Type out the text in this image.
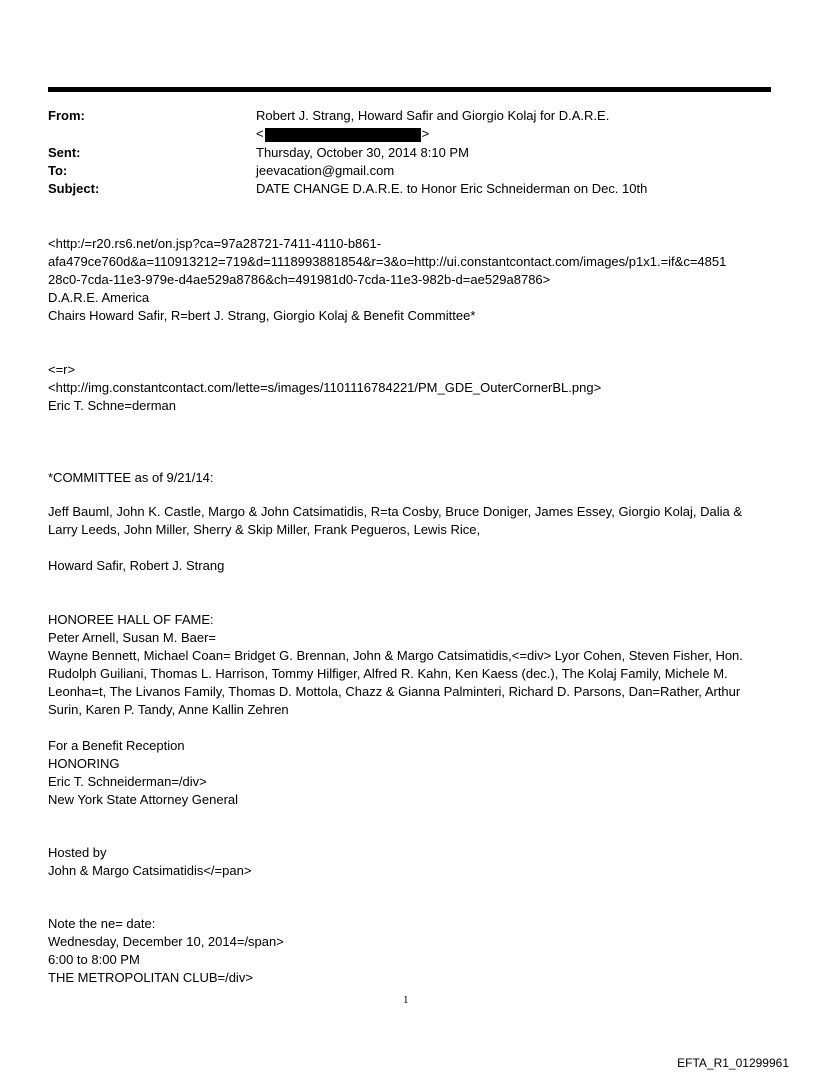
From:	Robert J. Strang, Howard Safir and Giorgio Kolaj for D.A.R.E.
<	>
Sent:	Thursday, October 30, 2014 8:10 PM
To:	jeevacation@gmail.com
Subject:	DATE CHANGE D.A.R.E. to Honor Eric Schneiderman on Dec. 10th
<http:/=r20.rs6.net/on.jsp?ca=97a28721-7411-4110-b861-
afa479ce760d&a=110913212=719&d=1118993881854&r=3&o=http://ui.constantcontact.com/images/p1x1.=if&c=4851
28c0-7cda-11e3-979e-d4ae529a8786&ch=491981d0-7cda-11e3-982b-d=ae529a8786>
D.A.R.E. America
Chairs Howard Safir, R=bert J. Strang, Giorgio Kolaj & Benefit Committee*
<=r>
<http://img.constantcontact.com/lette=s/images/1101116784221/PM_GDE_OuterCornerBL.png>
Eric T. Schne=derman
*COMMITTEE as of 9/21/14:
Jeff Bauml, John K. Castle, Margo & John Catsimatidis, R=ta Cosby, Bruce Doniger, James Essey, Giorgio Kolaj, Dalia & Larry Leeds, John Miller, Sherry & Skip Miller, Frank Pegueros, Lewis Rice,
Howard Safir, Robert J. Strang
HONOREE HALL OF FAME:
Peter Arnell, Susan M. Baer=
Wayne Bennett, Michael Coan= Bridget G. Brennan, John & Margo Catsimatidis,<=div> Lyor Cohen, Steven Fisher, Hon. Rudolph Guiliani, Thomas L. Harrison, Tommy Hilfiger, Alfred R. Kahn, Ken Kaess (dec.), The Kolaj Family, Michele M. Leonha=t, The Livanos Family, Thomas D. Mottola, Chazz & Gianna Palminteri, Richard D. Parsons, Dan=Rather, Arthur Surin, Karen P. Tandy, Anne Kallin Zehren
For a Benefit Reception
HONORING
Eric T. Schneiderman=/div>
New York State Attorney General
Hosted by
John & Margo Catsimatidis</=pan>
Note the ne= date:
Wednesday, December 10, 2014=/span>
6:00 to 8:00 PM
THE METROPOLITAN CLUB=/div>
1
EFTA_R1_01299961
